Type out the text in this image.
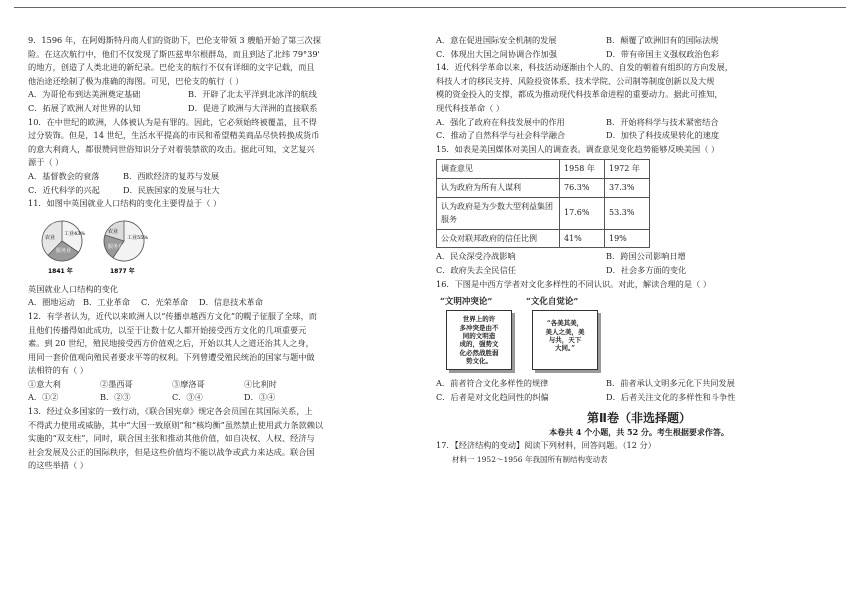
9．1596 年，在阿姆斯特丹商人们的资助下，巴伦支带领 3 艘船开始了第三次探

险。在这次航行中，他们不仅发现了斯匹兹卑尔根群岛，而且到达了北纬 79°39'

的地方，创造了人类北进的新纪录。巴伦支的航行不仅有详细的文字记载，而且

他治途还绘制了极为准确的海图。可见，巴伦支的航行（ ）

A．为哥伦布到达美洲奠定基础	B．开辟了北太平洋到北冰洋的航线
C．拓展了欧洲人对世界的认知	D．促进了欧洲与大洋洲的直接联系

10．在中世纪的欧洲，人体被认为是有罪的。因此，它必须始终被覆盖，且不得

过分装饰。但是，14 世纪，生活水平提高的市民和希望精美商品尽快转换成货币

的意大利商人，都很赞同世俗知识分子对着装禁欲的攻击。据此可知，文艺复兴

源于（ ）

A．基督教会的衰落	B．西欧经济的复苏与发展
C．近代科学的兴起	D．民族国家的发展与壮大

11．如图中英国就业人口结构的变化主要得益于（ ）

工业43%
农业
服务业
1841 年
工业55%
农业
服务业
1877 年

英国就业人口结构的变化

A．圈地运动 B．工业革命	C．光荣革命	D．信息技术革命

12．有学者认为，近代以来欧洲人以“传播卓越西方文化”的幌子征服了全球，而

且他们传播得如此成功，以至于让数十亿人都开始接受西方文化的几项重要元

素。到 20 世纪，殖民地接受西方价值观之后，开始以其人之道还治其人之身，

用同一套价值观向殖民者要求平等的权利。下列曾遭受殖民统治的国家与题中做

法相符的有（ ）

①意大利	②墨西哥	③摩洛哥	④比利时
A．①②	B．②③	C．③④	D．③④

13．经过众多国家的一致行动，《联合国宪章》规定各会员国在其国际关系，上

不得武力使用或威胁，其中“大国一致原则”和“核均衡”虽然禁止使用武力条款赖以

实施的“双支柱”，同时，联合国主张和推动其他价值，如自决权、人权、经济与

社会发展及公正的国际秩序，但是这些价值均不能以战争或武力来达成。联合国

的这些举措（ ）

A．意在促进国际安全机制的发展	B．颠覆了欧洲旧有的国际法规
C．体现出大国之间协调合作加强	D．带有帝国主义强权政治色彩

14．近代科学革命以来，科技活动逐渐由个人的、自发的朝着有组织的方向发展，

科技人才的移民支持、风险投资体系、技术学院、公司制等制度创新以及大规

模的资金投入的支撑，都成为推动现代科技革命进程的重要动力。据此可推知，

现代科技革命（ ）

A．强化了政府在科技发展中的作用	B．开始将科学与技术紧密结合
C．推动了自然科学与社会科学融合	D．加快了科技成果转化的速度

15．如表是美国媒体对美国人的调查表。调查意见变化趋势能够反映美国（ ）

调查意见	1958 年	1972 年
认为政府为所有人谋利	76.3%	37.3%
认为政府是为少数大型利益集团服务	17.6%	53.3%
公众对联邦政府的信任比例	41%	19%
A．民众深受冷战影响	B．跨国公司影响日增
C．政府失去全民信任	D．社会多方面的变化

16．下图是中西方学者对文化多样性的不同认识。对此，解读合理的是（ ）

“文明冲突论”
世界上的许
多冲突是由不
同的文明造
成的，强势文
化必然战胜弱
势文化。
“文化自觉论”
“各美其美，
美人之美，美
与共，天下
大同。”
A．前者符合文化多样性的规律	B．前者承认文明多元化下共同发展
C．后者是对文化趋同性的纠偏	D．后者关注文化的多样性和斗争性
第Ⅱ卷（非选择题）
本卷共 4 个小题，共 52 分。考生根据要求作答。

17．【经济结构的变动】阅读下列材料，回答问题。（12 分）

材料一 1952～1956 年我国所有制结构变动表
